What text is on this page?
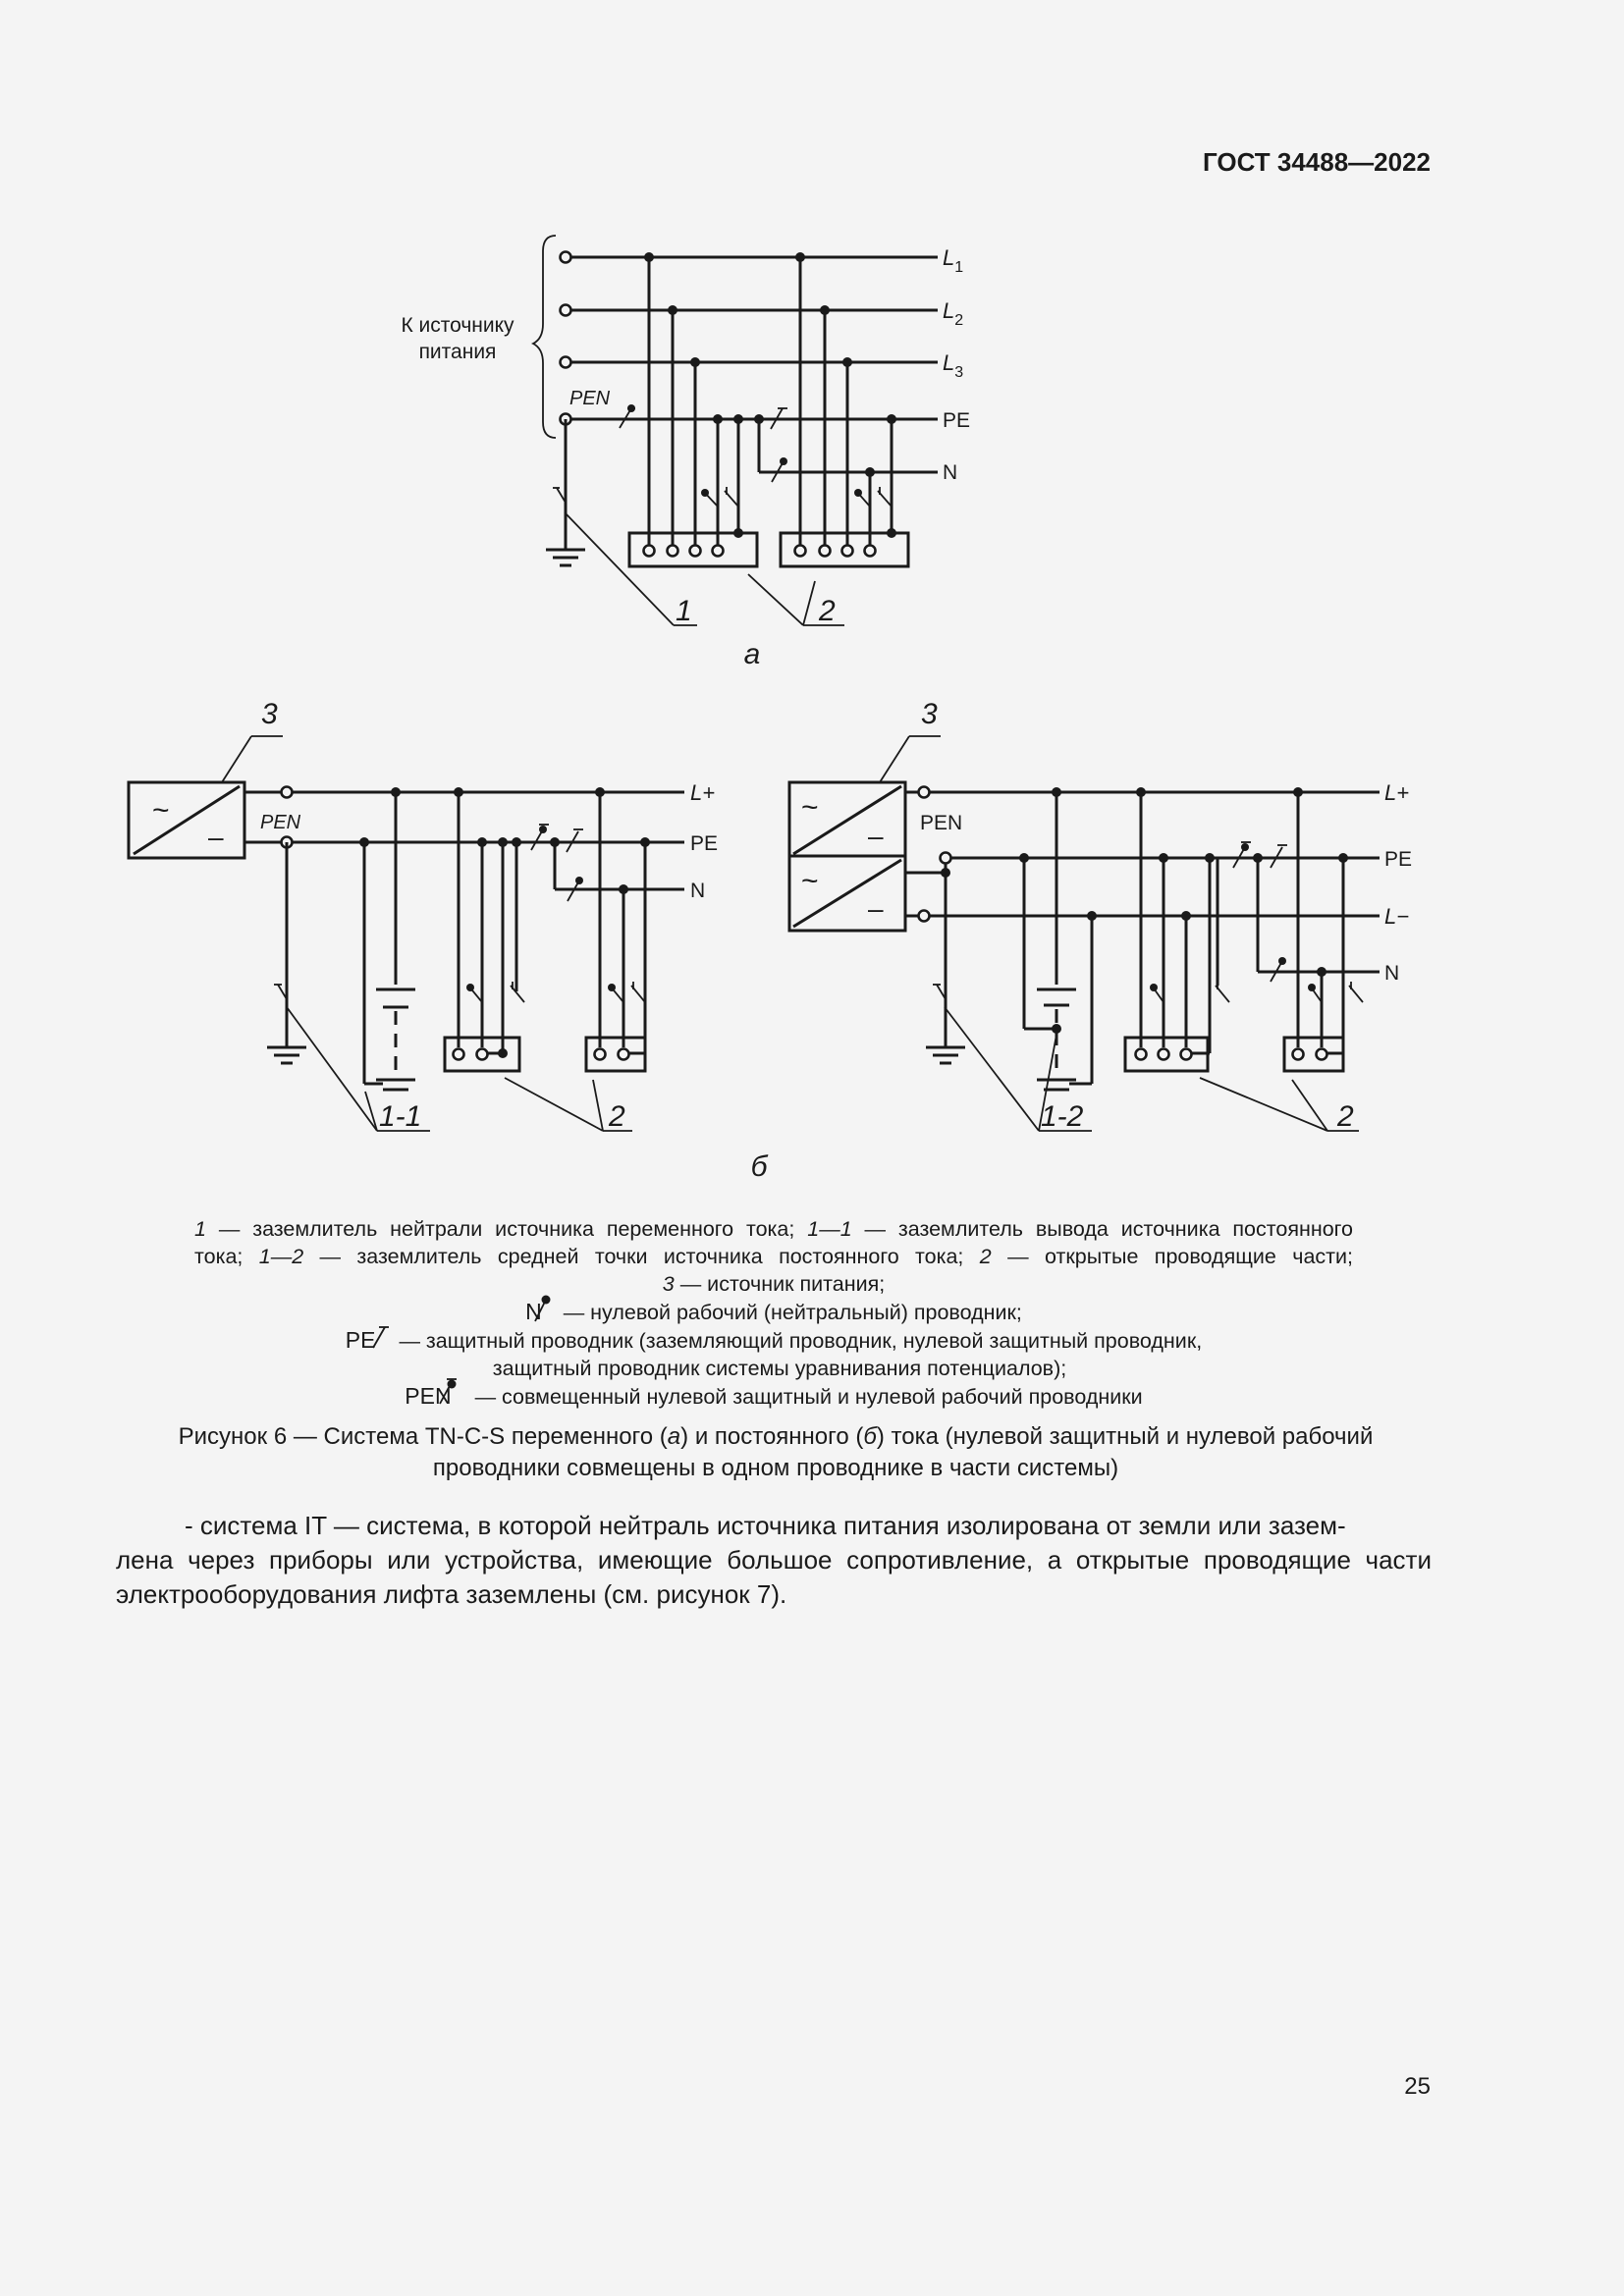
ГОСТ 34488—2022
К источнику
питания
$L_1$
$L_2$
$L_3$
PE
N
PEN
1	2
а
~
–
3
L+
PE
N
PEN
1-1	2
~
–
~
–
3
L+
PE
L−
N
PEN
1-2	2
б
1 — заземлитель нейтрали источника переменного тока; 1—1 — заземлитель вывода источника постоянного
тока; 1—2 — заземлитель средней точки источника постоянного тока; 2 — открытые проводящие части;
3 — источник питания;
N — нулевой рабочий (нейтральный) проводник;
PE — защитный проводник (заземляющий проводник, нулевой защитный проводник,
защитный проводник системы уравнивания потенциалов);
PEN — совмещенный нулевой защитный и нулевой рабочий проводники
Рисунок 6 — Система TN-C-S переменного (а) и постоянного (б) тока (нулевой защитный и нулевой рабочий
проводники совмещены в одном проводнике в части системы)
- система IT — система, в которой нейтраль источника питания изолирована от земли или зазем-
лена через приборы или устройства, имеющие большое сопротивление, а открытые проводящие части электрооборудования лифта заземлены (см. рисунок 7).
25
